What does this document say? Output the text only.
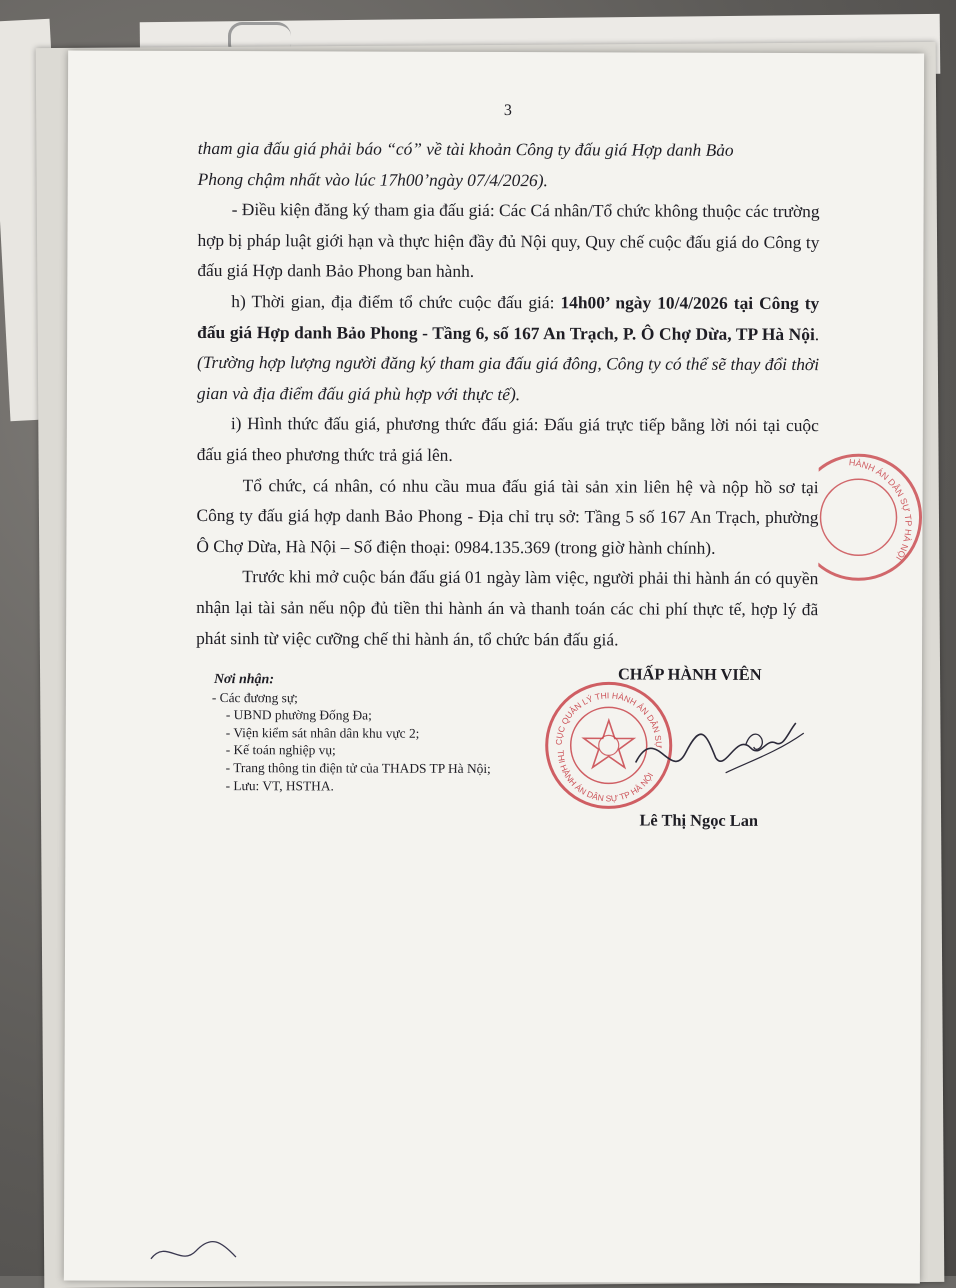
3

tham gia đấu giá phải báo “có” về tài khoản Công ty đấu giá Hợp danh Bảo

Phong chậm nhất vào lúc 17h00’ngày 07/4/2026).

- Điều kiện đăng ký tham gia đấu giá: Các Cá nhân/Tổ chức không thuộc các trường hợp bị pháp luật giới hạn và thực hiện đầy đủ Nội quy, Quy chế cuộc đấu giá do Công ty đấu giá Hợp danh Bảo Phong ban hành.

h) Thời gian, địa điểm tổ chức cuộc đấu giá: 14h00’ ngày 10/4/2026 tại Công ty đấu giá Hợp danh Bảo Phong - Tầng 6, số 167 An Trạch, P. Ô Chợ Dừa, TP Hà Nội. (Trường hợp lượng người đăng ký tham gia đấu giá đông, Công ty có thể sẽ thay đổi thời gian và địa điểm đấu giá phù hợp với thực tế).

i) Hình thức đấu giá, phương thức đấu giá: Đấu giá trực tiếp bằng lời nói tại cuộc đấu giá theo phương thức trả giá lên.

Tổ chức, cá nhân, có nhu cầu mua đấu giá tài sản xin liên hệ và nộp hồ sơ tại Công ty đấu giá hợp danh Bảo Phong - Địa chỉ trụ sở: Tầng 5 số 167 An Trạch, phường Ô Chợ Dừa, Hà Nội – Số điện thoại: 0984.135.369 (trong giờ hành chính).

Trước khi mở cuộc bán đấu giá 01 ngày làm việc, người phải thi hành án có quyền nhận lại tài sản nếu nộp đủ tiền thi hành án và thanh toán các chi phí thực tế, hợp lý đã phát sinh từ việc cưỡng chế thi hành án, tổ chức bán đấu giá.

Nơi nhận:
- Các đương sự;
- UBND phường Đống Đa;
- Viện kiểm sát nhân dân khu vực 2;
- Kế toán nghiệp vụ;
- Trang thông tin điện tử của THADS TP Hà Nội;
- Lưu: VT, HSTHA.
CHẤP HÀNH VIÊN
CỤC QUẢN LÝ THI HÀNH ÁN DÂN SỰ
THI HÀNH ÁN DÂN SỰ TP HÀ NỘI
HÀNH ÁN DÂN SỰ TP HÀ NỘI
Lê Thị Ngọc Lan
